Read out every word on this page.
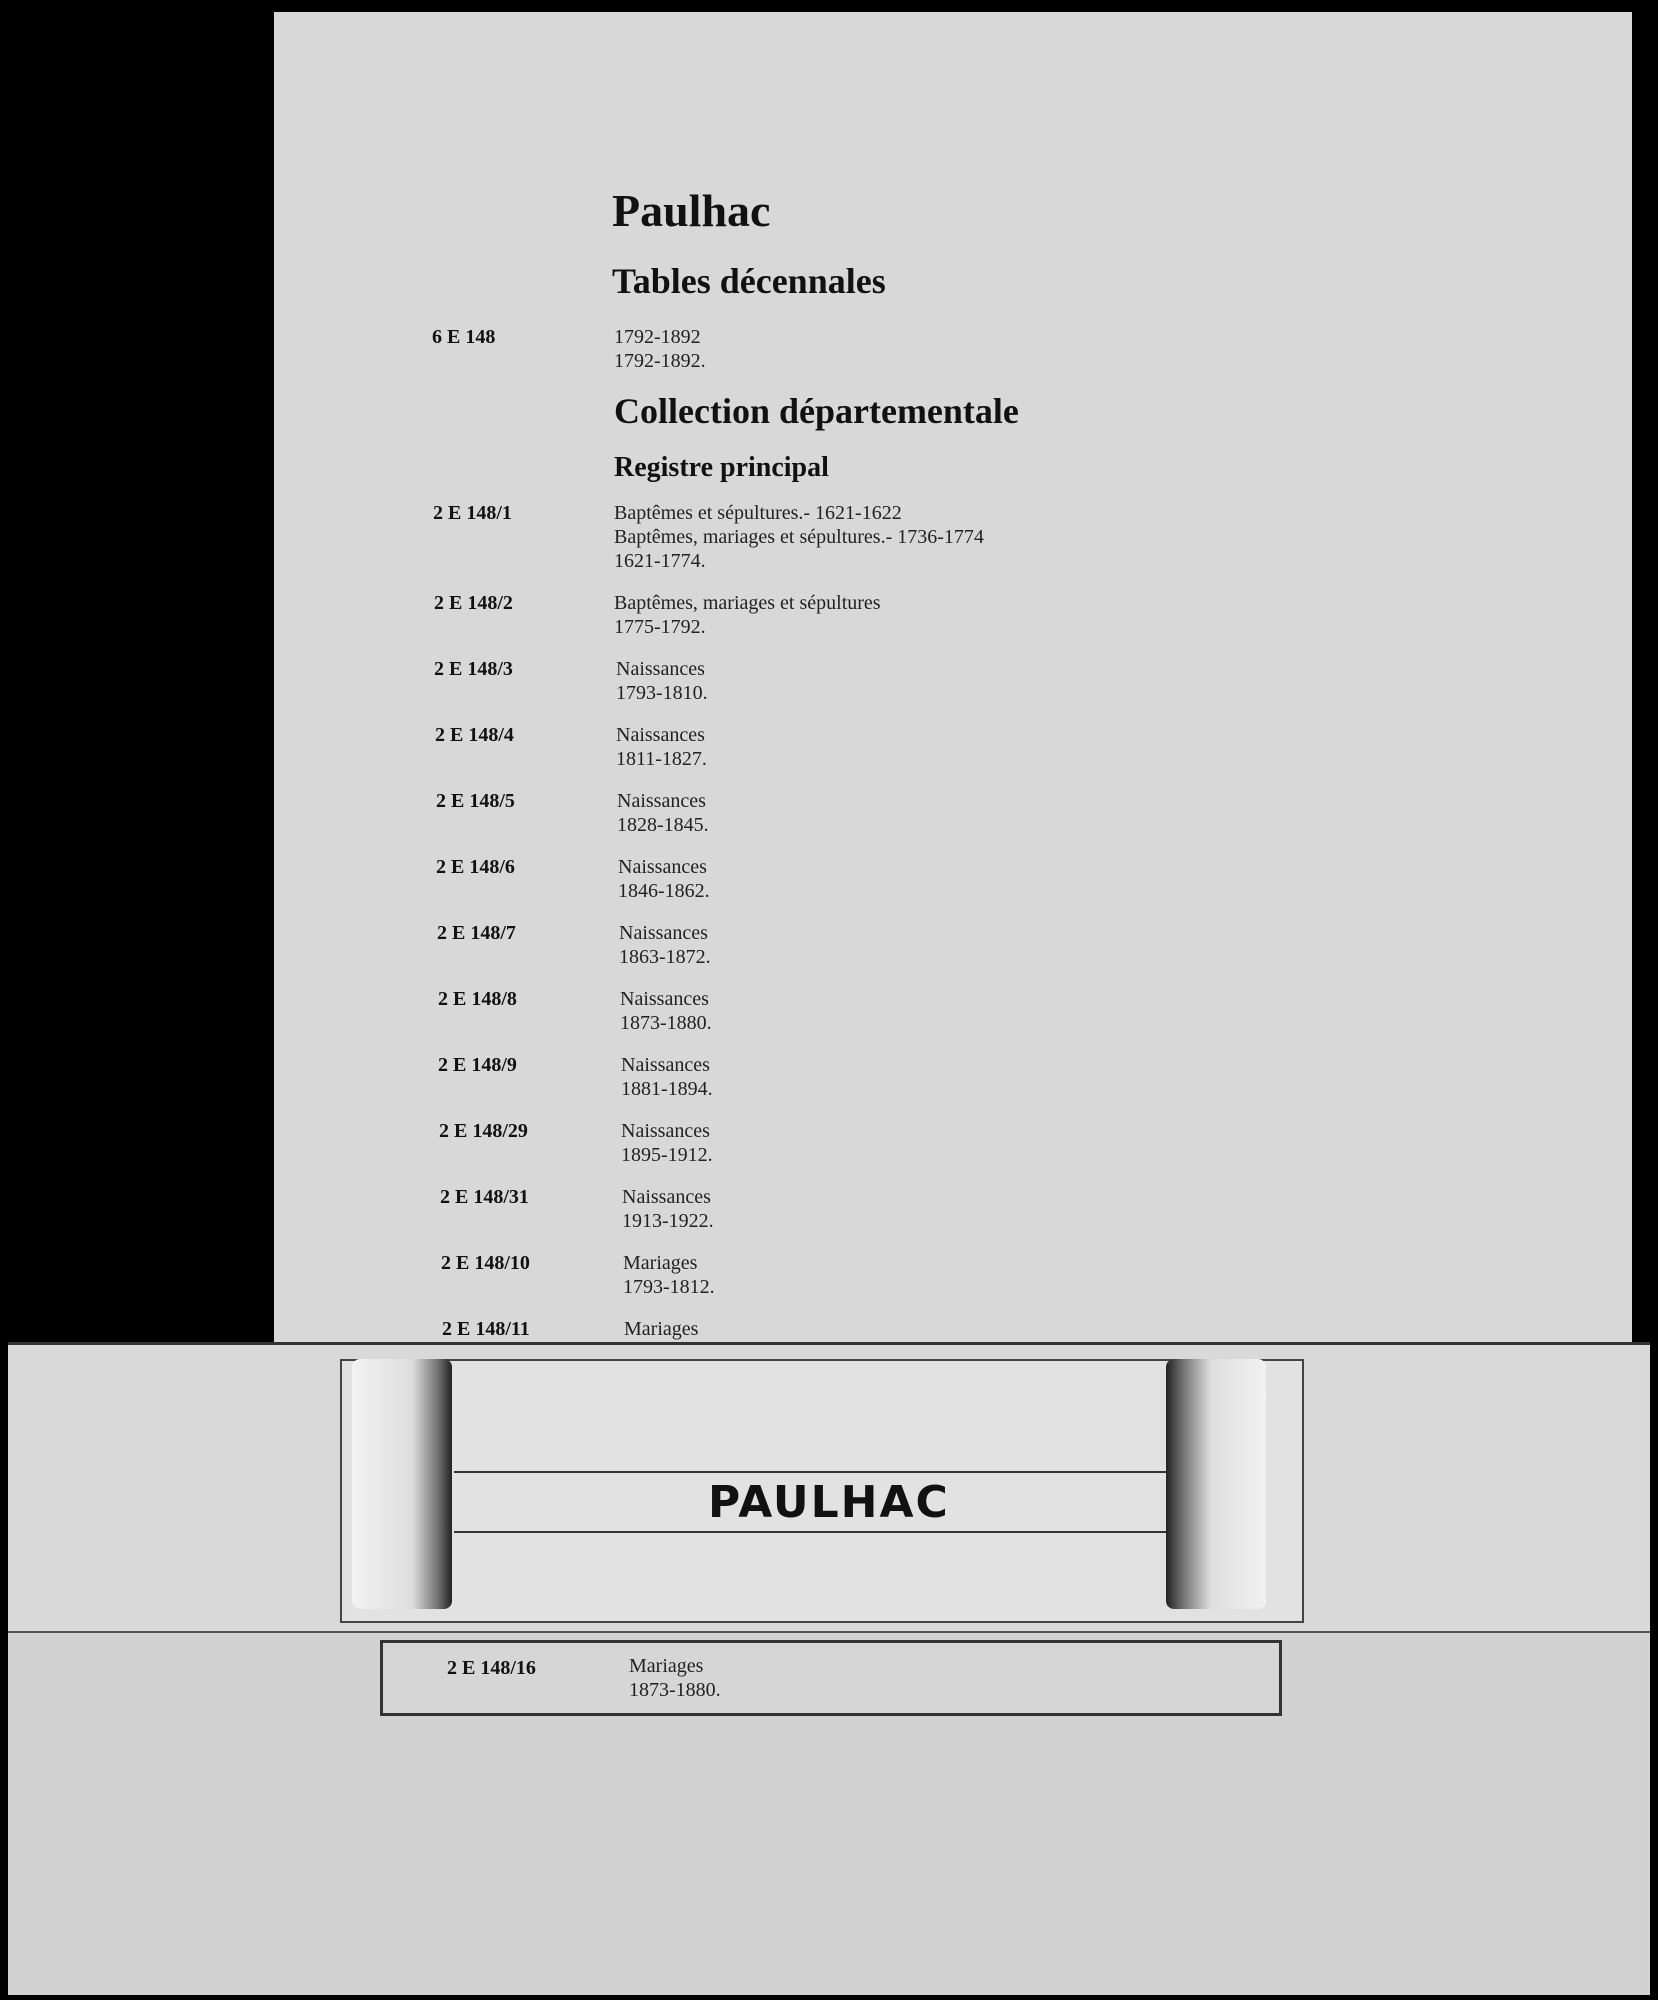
Paulhac
Tables décennales
6 E 148	1792-1892
1792-1892.
Collection départementale
Registre principal
2 E 148/1	Baptêmes et sépultures.- 1621-1622
Baptêmes, mariages et sépultures.- 1736-1774
1621-1774.
2 E 148/2	Baptêmes, mariages et sépultures
1775-1792.
2 E 148/3	Naissances
1793-1810.
2 E 148/4	Naissances
1811-1827.
2 E 148/5	Naissances
1828-1845.
2 E 148/6	Naissances
1846-1862.
2 E 148/7	Naissances
1863-1872.
2 E 148/8	Naissances
1873-1880.
2 E 148/9	Naissances
1881-1894.
2 E 148/29	Naissances
1895-1912.
2 E 148/31	Naissances
1913-1922.
2 E 148/10	Mariages
1793-1812.
2 E 148/11	Mariages
PAULHAC
2 E 148/16	Mariages
1873-1880.
